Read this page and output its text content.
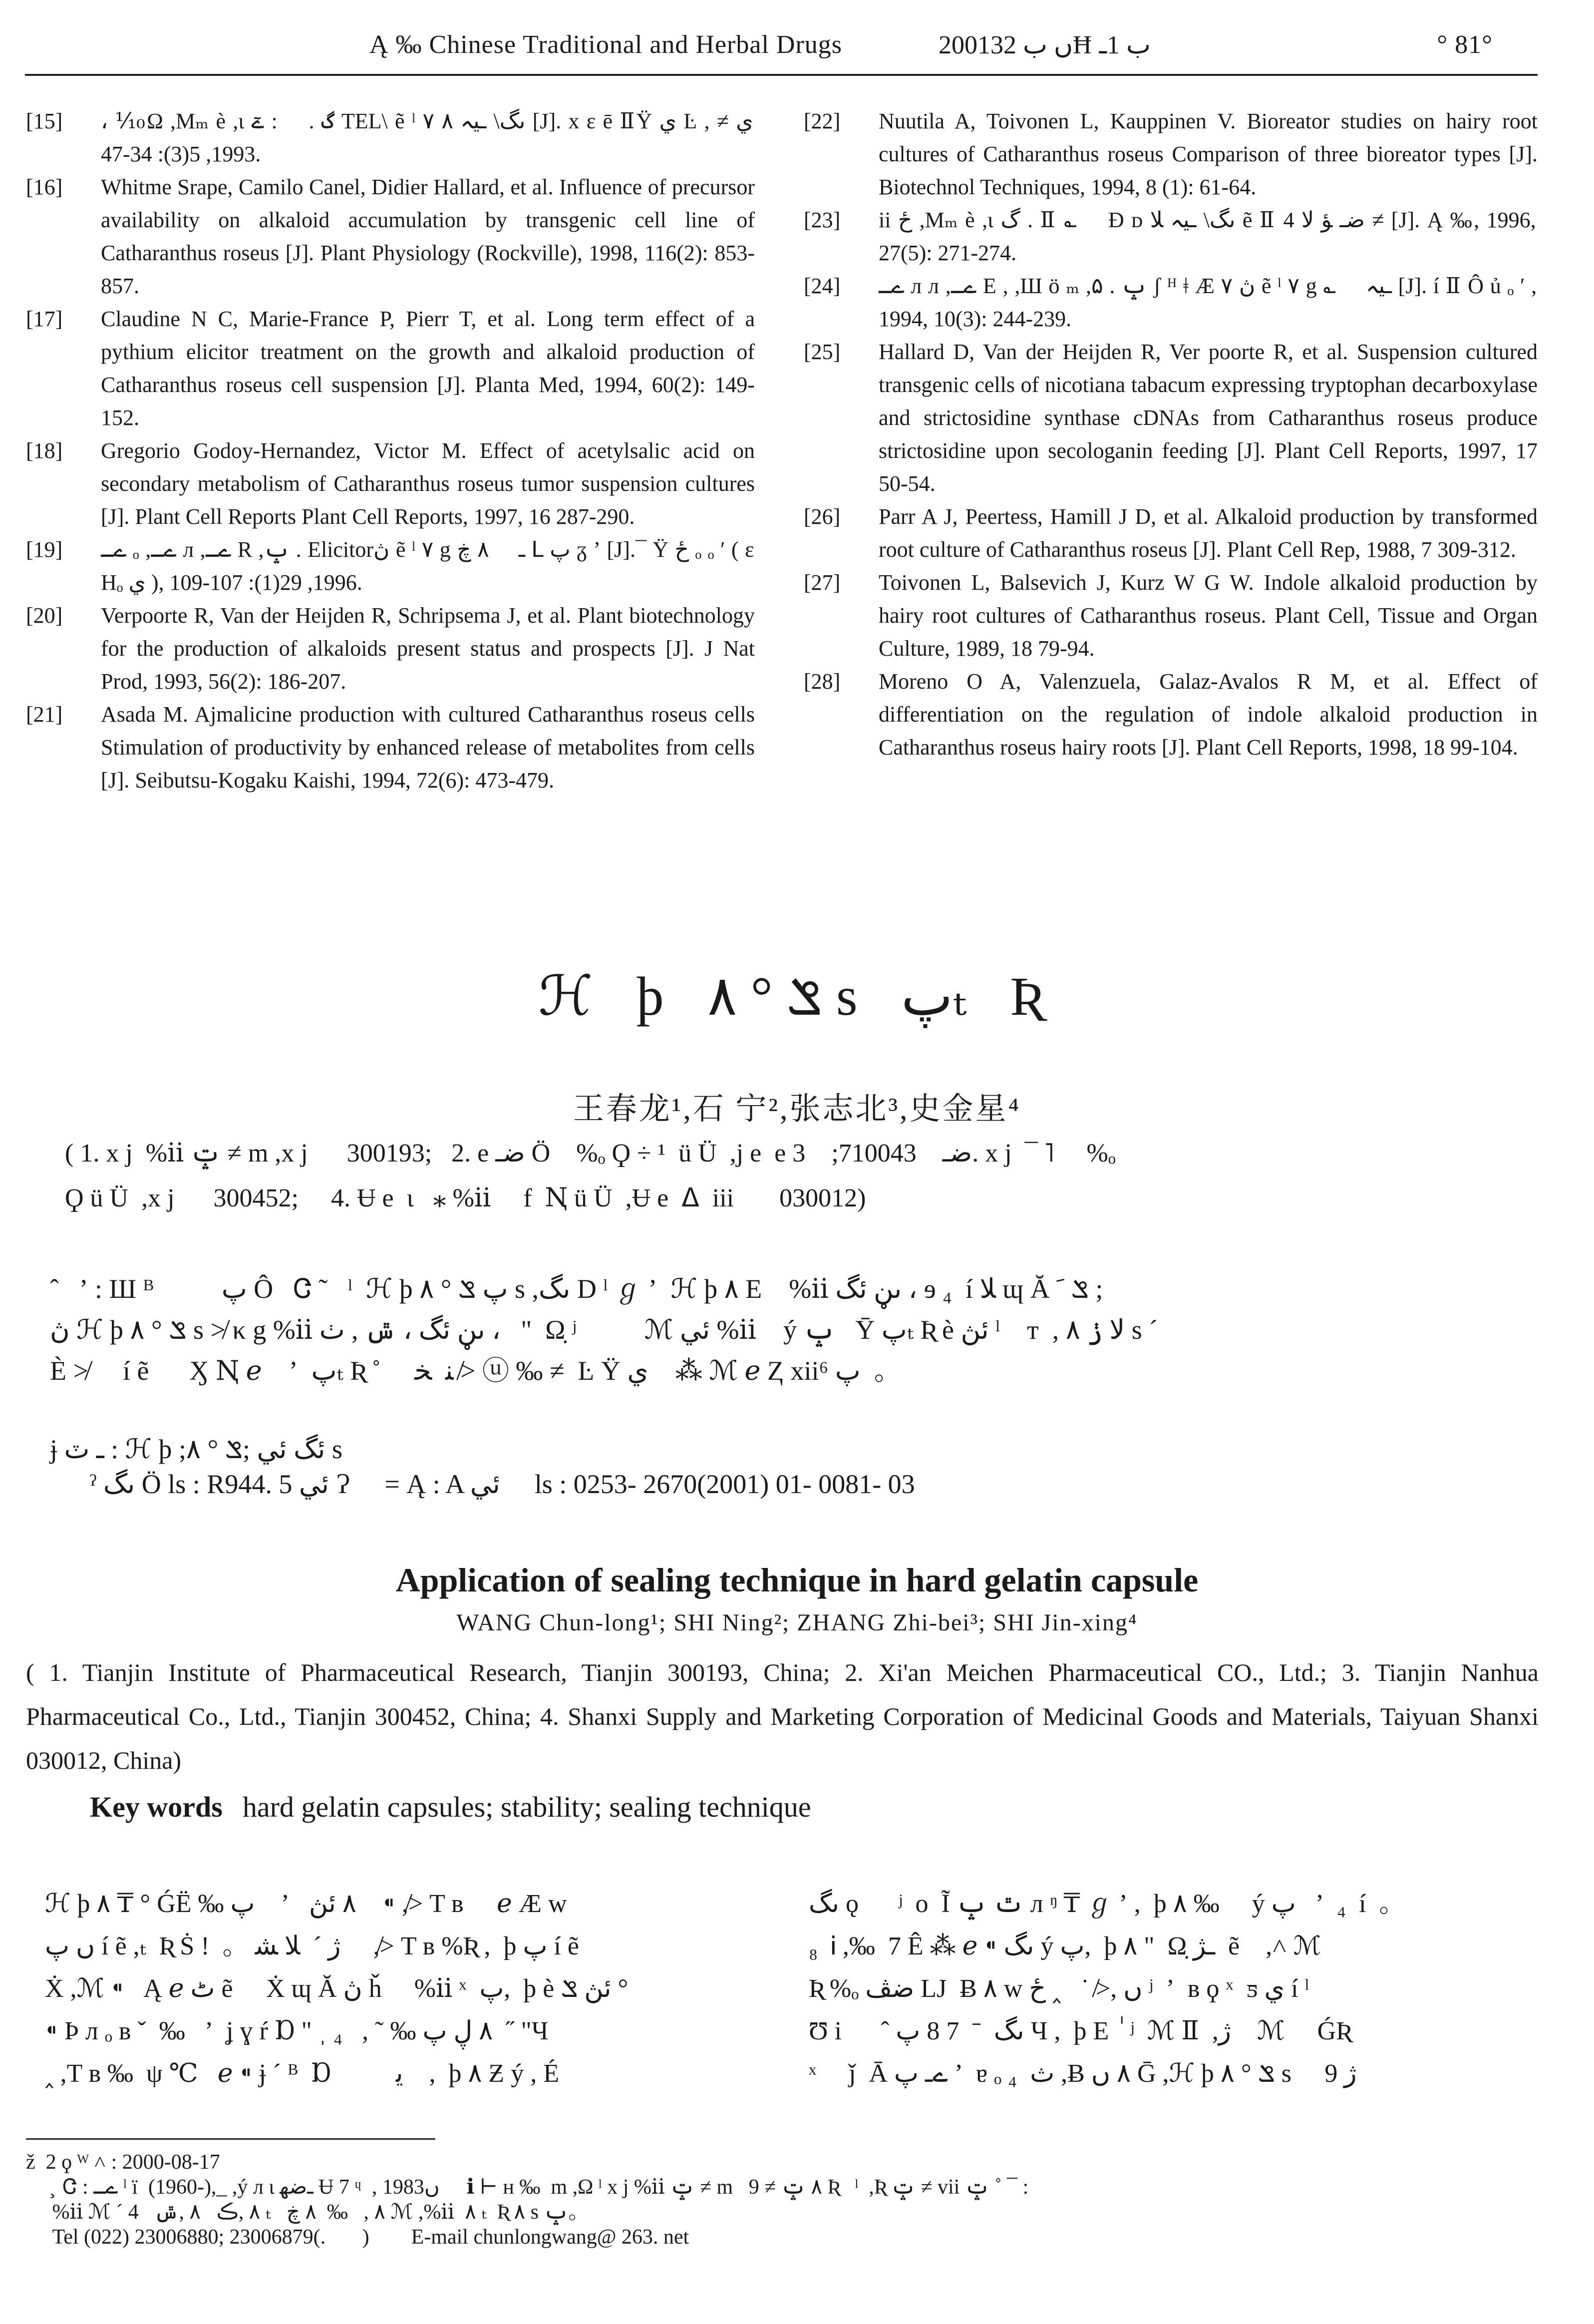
Ą ‰ Chinese Traditional and Herbal Drugs	2001ں ب 32Ħ ب 1ـ	° 81°
[15] ، ⅒Ω ,Mₘ è ,ι گ . ⃞ : ےٓ TEL\ ẽ ˡ ۷ ىگ\ ـيہ ٨ [J]. x ε ē ⅡŸ ي Ŀ ي ≠ , 1993, 5(3): 34-47.
[16] Whitme Srape, Camilo Canel, Didier Hallard, et al. Influence of precursor availability on alkaloid accumulation by transgenic cell line of Catharanthus roseus [J]. Plant Physiology (Rockville), 1998, 116(2): 853-857.
[17] Claudine N C, Marie-France P, Pierr T, et al. Long term effect of a pythium elicitor treatment on the growth and alkaloid production of Catharanthus roseus cell suspension [J]. Planta Med, 1994, 60(2): 149-152.
[18] Gregorio Godoy-Hernandez, Victor M. Effect of acetylsalic acid on secondary metabolism of Catharanthus roseus tumor suspension cultures [J]. Plant Cell Reports Plant Cell Reports, 1997, 16 287-290.
[19] ےـ ₒ ,ےـ л ,ےـ R ,ݒ . Elicitorڽ ẽ ˡ ۷ g ـ ⃞ ٨ ڿ ꓡ پ ᵹ ʼ [J].¯ Ÿ ځ ₒ ₒ ʹ ( ε Hₒ ي ), 1996, 29(1): 107-109.
[20] Verpoorte R, Van der Heijden R, Schripsema J, et al. Plant biotechnology for the production of alkaloids present status and prospects [J]. J Nat Prod, 1993, 56(2): 186-207.
[21] Asada M. Ajmalicine production with cultured Catharanthus roseus cells Stimulation of productivity by enhanced release of metabolites from cells [J]. Seibutsu-Kogaku Kaishi, 1994, 72(6): 473-479.
[22] Nuutila A, Toivonen L, Kauppinen V. Bioreator studies on hairy root cultures of Catharanthus roseus Comparison of three bioreator types [J]. Biotechnol Techniques, 1994, 8 (1): 61-64.
[23] ii ځ ,Mₘ è ,ι گ . Ⅱ ؎ ⃞ Ɖ ᴅ ىگ\ ـيہ ﻼ ẽ Ⅱ 4 ضـ ﺆ ﻻ ≠ [J]. Ą ‰, 1996, 27(5): 271-274.
[24] ےـ л л ,ےـ E , ,Ш ö ₘ ,ݒ . ۵ ʃ ᴴ ǂ Æ ۷ ڽ ẽ ˡ ۷ g ؎ ⃞ ـيہ [J]. í Ⅱ Ô ủ ₒ ʹ , 1994, 10(3): 244-239.
[25] Hallard D, Van der Heijden R, Ver poorte R, et al. Suspension cultured transgenic cells of nicotiana tabacum expressing tryptophan decarboxylase and strictosidine synthase cDNAs from Catharanthus roseus produce strictosidine upon secologanin feeding [J]. Plant Cell Reports, 1997, 17 50-54.
[26] Parr A J, Peertess, Hamill J D, et al. Alkaloid production by transformed root culture of Catharanthus roseus [J]. Plant Cell Rep, 1988, 7 309-312.
[27] Toivonen L, Balsevich J, Kurz W G W. Indole alkaloid production by hairy root cultures of Catharanthus roseus. Plant Cell, Tissue and Organ Culture, 1989, 18 79-94.
[28] Moreno O A, Valenzuela, Galaz-Avalos R M, et al. Effect of differentiation on the regulation of indole alkaloid production in Catharanthus roseus hairy roots [J]. Plant Cell Reports, 1998, 18 99-104.
ℋ þ ݏ ° ٨ s پₜ Ʀ
王春龙¹,石 宁²,张志北³,史金星⁴
( 1. x j  %ⅱ ݓ ≠ m ,x j      300193;   2. e ضـ Ö    %ₒ Ϙ ÷ ¹  ü Ü  ,j e  e ضـ    710043;    3. x j  ¯ ˥     %ₒ
Ϙ ü Ü  ,x j      300452;     4. Ʉ e  ι   ⁎ %ⅱ     f  Ꞑ ü Ü  ,Ʉ e  ᐃ  iii       030012)
ˆ   ʼ : Ш ᴮ  ⃞     پ Ô   Ꮳ ˜   ˡ  ℋ þ پ ݏ ° ٨ s ,ىگ D ˡ ℊ ʼ  ℋ þ ٨ E    %ⅱ ىڼ ئگ ، ɘ ₄  í ﻼ ɰ Ă ݏ ﹶ ;
ڽ ℋ þ ݏ ° ٨ s ≯ κ g %ⅱ ىڼ ئگ ، ݜ , ٺ ،   "  Ω̣ ʲ  ⃞     ℳ ئي %ⅱ    ý ݒ   Ȳ پₜ Ʀ è ئڽ ˡ    т  , ﻻ ݫ ٨ s ´
È ≯ ⃞ í ẽ      Ӽ Ꞑ ℯ    ʼ  پₜ Ʀ ˚     ﻨ  ﺨ ≯ ⓤ ‰ ≠  Ŀ Ÿ ي    ⁂ ℳ ℯ Ⱬ xiiپ ⁶  。
ɉ ـ ٽ : ℋ þ ;ئگ ئي ;ݏ ° ٨ s
ˀ ىگ Ö ls : R944. 5 ئي Ɂ ⃞ = Ą : A ئي ⃞ ls : 0253- 2670(2001) 01- 0081- 03
Application of sealing technique in hard gelatin capsule
WANG Chun-long¹; SHI Ning²; ZHANG Zhi-bei³; SHI Jin-xing⁴
( 1. Tianjin Institute of Pharmaceutical Research, Tianjin 300193, China; 2. Xi'an Meichen Pharmaceutical CO., Ltd.; 3. Tianjin Nanhua Pharmaceutical Co., Ltd., Tianjin 300452, China; 4. Shanxi Supply and Marketing Corporation of Medicinal Goods and Materials, Taiyuan Shanxi 030012, China)
Key words hard gelatin capsules; stability; sealing technique
ℋ þ ٨ ₸ ° ǴË ‰ پ    ʼ   ٨ ئڽ    ⁌ ,≯ T ʙ ⃞ ℯ Æ w
ں پ í ẽ ,ₜ  Ʀ Ṡ !  。 ژ ˊ  ﻼ ﺸ     ,≯ T ʙ %Ʀ ,  þ پ í ẽ
Ẋ ,ℳ ⁌   Ą ℯ ٹ ẽ ⃞ Ẋ ɰ Ă ڽ ȟ     %ⅱ ˣ  پ,  þ è ئڽ ݏ °
⁌ Þ л ₒ ʙ ˇ  ‰   ʼ  ʝ ɣ ŕ Ɒ " ˌ ٨ ڸ پ ‰ ˜ ,   ₄  ˝ "Ч
‸ ,T ʙ ‰  ψ ℃   ℯ ⁌ ɉ ´ ᴮ  Ɒ          ﻳ    ,  þ ٨ Ƶ ý , É
ىگ ǫ  ⃞ ʲ  o  Ĩ ٿ ݒ л ᵑ ₸ ℊ ʼ ,  þ ٨ ‰     ý پ   ʼ  ₄  í  。
₈  Ꭵ ,‰  7 Ê ⁂ ℯ ⁌ ىگ ý پ,  þ ٨ "  Ω̣ ـﮋ  ẽ    ,˄ ℳ
Ʀ %ₒ ﺿﭫ LJ  Ƀ ٨ w ں ,≯ ˙   ‸ ځ ʲ  ʼ  ʙ ϙ ˣ  ƽ ي í ˡ
Ʊ i      ˆ ىگ  ˉ  7 8 پ Ч ,  þ E  ٰ ʲ  ℳ Ⅱ  ,ژ    ℳ     ǴƦ
ˣ     ǰ  Ā ےـ پ ʼ  ɐ ₒ ₄  ث ,Ƀ ٨ ں Ḡ ,ℋ þ ݏ ° ٨ s ⃞ 9 ژ
ž  2 ϙ ᵂ ˄ : 2000-08-17
Ꮳ : ےـ ˡ ï  (1960-),_ ,ý л ι ـﺿﮭ Ʉ 7 ᶣ  , 1983ں ⃞ ℹ ⊢ ʜ ‰  m ,Ω ˡ x j %ⅱ ݓ ≠ m   ٨ ݓ ≠ 9 Ʀ   ˡ  ,Ʀ ݓ ≠ vii ݓ ˚ ¯ :
%ⅱ ℳ ˊ 4   ٨ ,ڪ   ٨ ,ݜ ₜ   ٨ ,   ‰  ٨ ڿ ℳ ,%ⅱ  ٨ ₜ  Ʀ ٨ s ݒ。
Tel (022) 23006880; 23006879(.       )        E-mail chunlongwang@ 263. net
